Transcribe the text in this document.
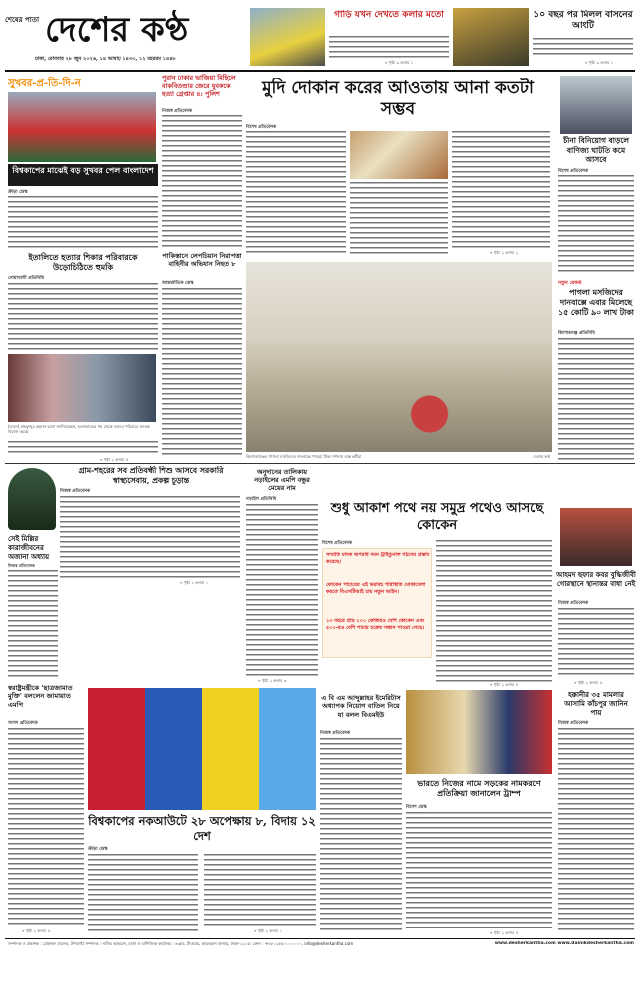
শেষের পাতা দেশের কণ্ঠ
ঢাকা, রোববার ২৮ জুন ২০২৬, ১৪ আষাঢ় ১৪৩৩, ১২ মহররম ১৪৪৮
গাড়ি যখন দেখতে কলার মতো
» পৃষ্ঠা ৯ কলাম ১
১০ বছর পর মিলল বাসনের আংটি
» পৃষ্ঠা ৯ কলাম ১
সুখবর-প্র-তি-দি-ন
বিশ্বকাপের মাঝেই বড় সুখবর পেল বাংলাদেশ
ক্রীড়া ডেস্ক
পুরান ঢাকার ভাজিয়া মিছিলে বাকবিতণ্ডার জেরে যুবককে হত্যা গ্রেপ্তার ৪: পুলিশ
নিজস্ব প্রতিবেদক
মুদি দোকান করের আওতায় আনা কতটা সম্ভব
বিশেষ প্রতিবেদক
» পৃষ্ঠা ২ কলাম ২
চীনা বিনিয়োগ বাড়লে বাণিজ্য ঘাটতি কমে আসবে
বিশেষ প্রতিবেদক
ইতালিতে হত্যার শিকার পরিবারকে উড়োচিঠিতে হুমকি
নোয়াখালী প্রতিনিধি
(ডানে) মাহফুজুর রহমান বলো জানিয়েছেন, হত্যাকাণ্ডের পর থেকে তাদের পরিবারে আতঙ্ক বিরাজ করছে
» পৃষ্ঠা ২ কলাম ৫
পাকিস্তানে লেপচিয়ান নিরাপত্তা বাহিনীর অভিযান নিহত ৮
আন্তর্জাতিক ডেস্ক
কিশোরগঞ্জের পাগলা মসজিদের দানবাক্সে পাওয়া টাকা গণনায় ব্যস্ত কর্মীরা	দেশের কণ্ঠ
নতুন রেকর্ড
পাগলা মসজিদের দানবাক্সে এবার মিলেছে ১৫ কোটি ৯০ লাখ টাকা
কিশোরগঞ্জ প্রতিনিধি
গ্রাম-শহরের সব প্রতিবন্ধী শিশু আসবে সরকারি স্বাস্থ্যসেবায়, প্রকল্প চূড়ান্ত
নিজস্ব প্রতিবেদক
» পৃষ্ঠা ২ কলাম ১
সেই মিল্লির কারাজীবনের অজানা অধ্যায়
নিজস্ব প্রতিবেদক
অনুদানের তালিকায় নড়াইলের এমপি বন্ধুর মেয়ের নাম
নড়াইল প্রতিনিধি
» পৃষ্ঠা ২ কলাম ৩
শুধু আকাশ পথে নয় সমুদ্র পথেও আসছে কোকেন
বিশেষ প্রতিবেদক
সম্প্রতি মাদক অপরাধ দমন ট্রাইব্যুনাল গঠনের প্রস্তাব করেছে।
কোকেন পাচারের এই ভয়াবহ পরিস্থিতি মোকাবেলা করতে বিএসটিআই চায় নতুন আইন।
১৩ বছরে প্রায় ২০০ কেজিরও বেশি কোকেন এবং ৫০০-রও বেশি পাচার চক্রের সন্ধান পাওয়া গেছে।
» পৃষ্ঠা ২ কলাম ৪
আহমদ ছফার কবর বুদ্ধিজীবী গোরস্থানে স্থানান্তর বাধা নেই
নিজস্ব প্রতিবেদক
» পৃষ্ঠা ২ কলাম ৫
স্বরাষ্ট্রমন্ত্রীকে 'ছাত্রজামাত মুক্তি' বললেন জামায়াত এমপি
সংসদ প্রতিবেদক
» পৃষ্ঠা ২ কলাম ৫
বিশ্বকাপের নকআউটে ২৮ অপেক্ষায় ৮, বিদায় ১২ দেশ
ক্রীড়া ডেস্ক
» পৃষ্ঠা ২ কলাম ১
এ বি এম আব্দুল্লাহর ইমেরিটাস অধ্যাপক নিয়োগ বাতিল নিয়ে যা বলল বিএমইউ
নিজস্ব প্রতিবেদক
ভারতে নিজের নামে সড়কের নামকরণে প্রতিক্রিয়া জানালেন ট্রাম্প
বিদেশ ডেস্ক
» পৃষ্ঠা ২ কলাম ৫
হক্কানীর ৩৫ মামলার আসামি কাঁচপুর জানিন পায়
নিজস্ব প্রতিবেদক
সম্পাদক ও প্রকাশক : মোহাম্মদ মালেক, উপদেষ্টা সম্পাদক : নাসির আহমেদ, বার্তা ও বাণিজ্যিক কার্যালয় : ৪৩/এ, টাওয়ার, কারওয়ান বাজার, ঢাকা-১২১৫। ফোন : +৮৮০২৫৫০০০০০০০, info@desherkantha.com	www.desherkantha.com www.dainikdesherkantha.com
